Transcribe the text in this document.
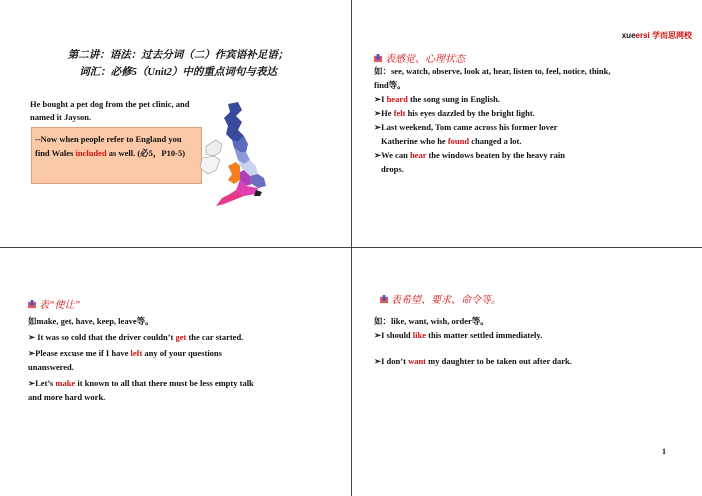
第二讲：语法：过去分词（二）作宾语补足语；
词汇：必修5（Unit2）中的重点词句与表达
He bought a pet dog from the pet clinic, and named it Jayson.
--Now when people refer to England you find Wales included as well. (必5，P10-5)
xueersi 学而思网校
表感觉、心理状态

如：see, watch, observe, look at, hear, listen to, feel, notice, think, find等。

➢I heard the song sung in English.

➢He felt his eyes dazzled by the bright light.

➢Last weekend, Tom came across his former lover

Katherine who he found changed a lot.

➢We can hear the windows beaten by the heavy rain

drops.

表“使让”

如make, get, have, keep, leave等。

➢ It was so cold that the driver couldn’t get the car started.

➢Please excuse me if I have left any of your questions unanswered.

➢Let’s make it known to all that there must be less empty talk and more hard work.

表希望、要求、命令等。

如：like, want, wish, order等。

➢I should like this matter settled immediately.

➢I don’t want my daughter to be taken out after dark.

1
